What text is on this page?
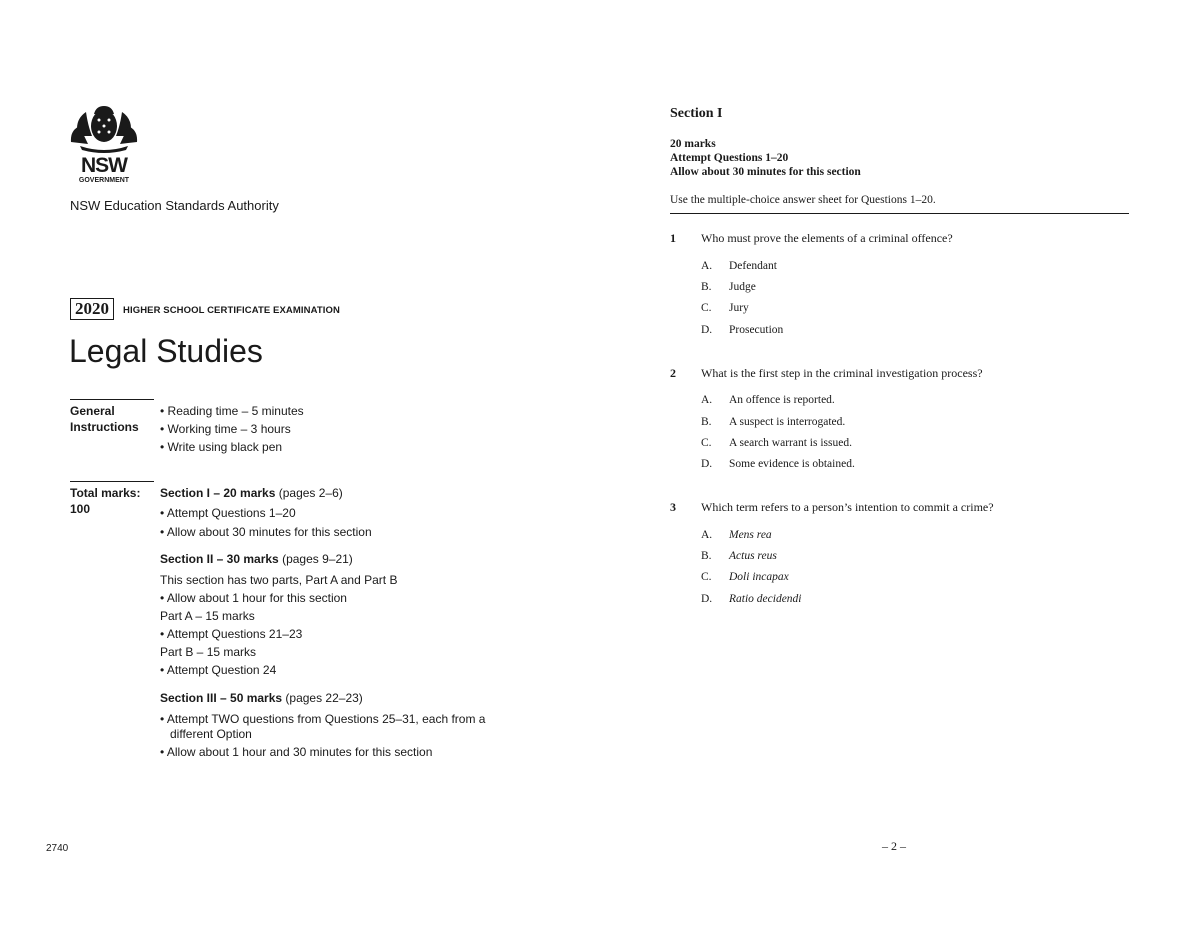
NSW
GOVERNMENT
NSW Education Standards Authority
2020	HIGHER SCHOOL CERTIFICATE EXAMINATION
Legal Studies
General
Instructions
• Reading time – 5 minutes
• Working time – 3 hours
• Write using black pen
Total marks:
100
Section I – 20 marks (pages 2–6)
• Attempt Questions 1–20
• Allow about 30 minutes for this section
Section II – 30 marks (pages 9–21)
This section has two parts, Part A and Part B
• Allow about 1 hour for this section
Part A – 15 marks
• Attempt Questions 21–23
Part B – 15 marks
• Attempt Question 24
Section III – 50 marks (pages 22–23)
• Attempt TWO questions from Questions 25–31, each from a
different Option
• Allow about 1 hour and 30 minutes for this section
2740
Section I
20 marks
Attempt Questions 1–20
Allow about 30 minutes for this section
Use the multiple-choice answer sheet for Questions 1–20.
1 Who must prove the elements of a criminal offence?
A. Defendant
B. Judge
C. Jury
D. Prosecution
2 What is the first step in the criminal investigation process?
A. An offence is reported.
B. A suspect is interrogated.
C. A search warrant is issued.
D. Some evidence is obtained.
3 Which term refers to a person’s intention to commit a crime?
A. Mens rea
B. Actus reus
C. Doli incapax
D. Ratio decidendi
– 2 –
